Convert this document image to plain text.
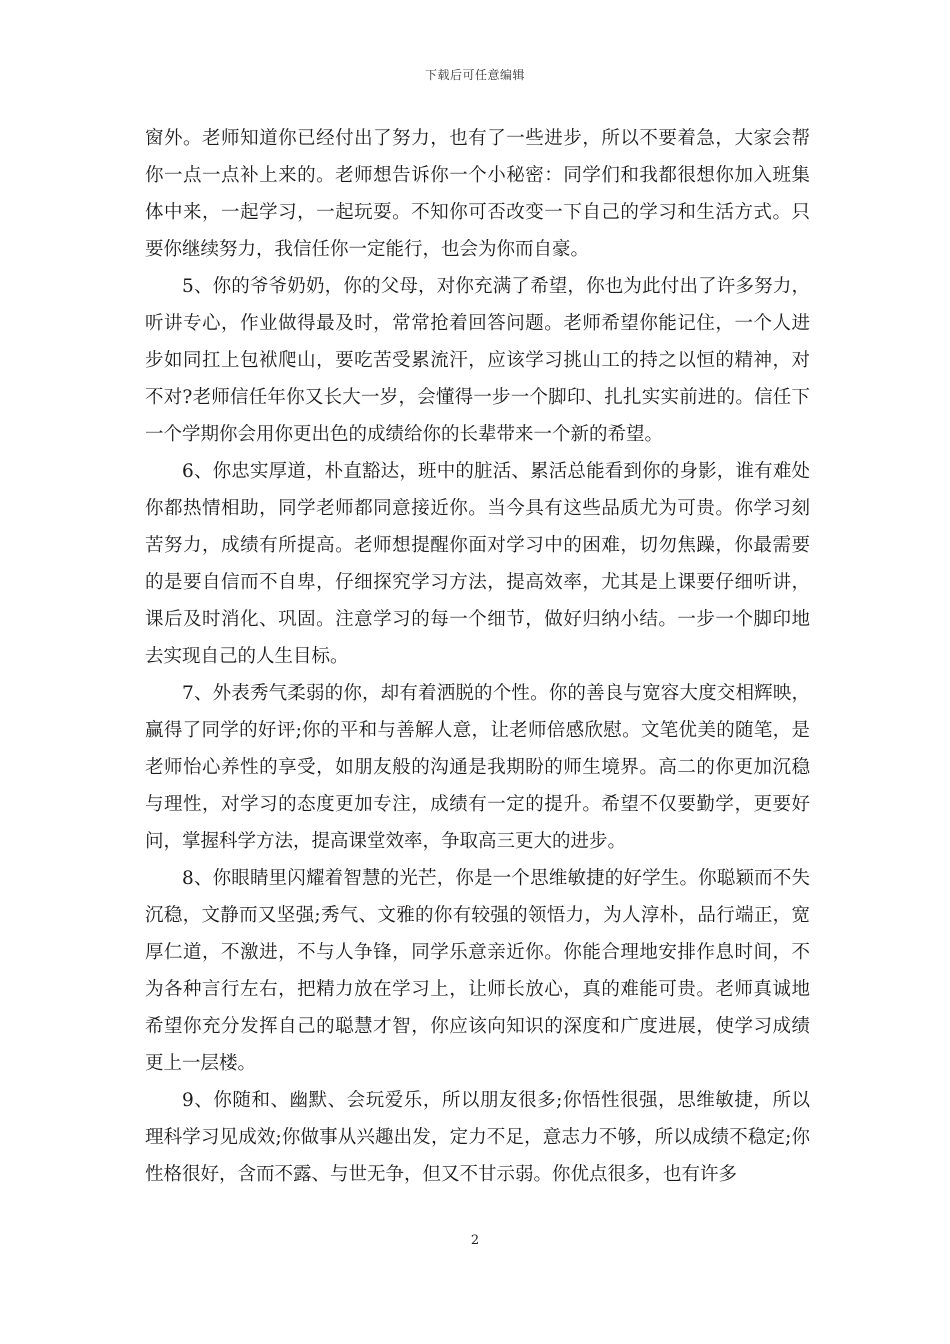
下载后可任意编辑

窗外。老师知道你已经付出了努力，也有了一些进步，所以不要着急，大家会帮你一点一点补上来的。老师想告诉你一个小秘密：同学们和我都很想你加入班集体中来，一起学习，一起玩耍。不知你可否改变一下自己的学习和生活方式。只要你继续努力，我信任你一定能行，也会为你而自豪。

5、你的爷爷奶奶，你的父母，对你充满了希望，你也为此付出了许多努力，听讲专心，作业做得最及时，常常抢着回答问题。老师希望你能记住，一个人进步如同扛上包袱爬山，要吃苦受累流汗，应该学习挑山工的持之以恒的精神，对不对?老师信任年你又长大一岁，会懂得一步一个脚印、扎扎实实前进的。信任下一个学期你会用你更出色的成绩给你的长辈带来一个新的希望。

6、你忠实厚道，朴直豁达，班中的脏活、累活总能看到你的身影，谁有难处你都热情相助，同学老师都同意接近你。当今具有这些品质尤为可贵。你学习刻苦努力，成绩有所提高。老师想提醒你面对学习中的困难，切勿焦躁，你最需要的是要自信而不自卑，仔细探究学习方法，提高效率，尤其是上课要仔细听讲，课后及时消化、巩固。注意学习的每一个细节，做好归纳小结。一步一个脚印地去实现自己的人生目标。

7、外表秀气柔弱的你，却有着洒脱的个性。你的善良与宽容大度交相辉映，赢得了同学的好评;你的平和与善解人意，让老师倍感欣慰。文笔优美的随笔，是老师怡心养性的享受，如朋友般的沟通是我期盼的师生境界。高二的你更加沉稳与理性，对学习的态度更加专注，成绩有一定的提升。希望不仅要勤学，更要好问，掌握科学方法，提高课堂效率，争取高三更大的进步。

8、你眼睛里闪耀着智慧的光芒，你是一个思维敏捷的好学生。你聪颖而不失沉稳，文静而又坚强;秀气、文雅的你有较强的领悟力，为人淳朴，品行端正，宽厚仁道，不激进，不与人争锋，同学乐意亲近你。你能合理地安排作息时间，不为各种言行左右，把精力放在学习上，让师长放心，真的难能可贵。老师真诚地希望你充分发挥自己的聪慧才智，你应该向知识的深度和广度进展，使学习成绩更上一层楼。

9、你随和、幽默、会玩爱乐，所以朋友很多;你悟性很强，思维敏捷，所以理科学习见成效;你做事从兴趣出发，定力不足，意志力不够，所以成绩不稳定;你性格很好，含而不露、与世无争，但又不甘示弱。你优点很多，也有许多

2
